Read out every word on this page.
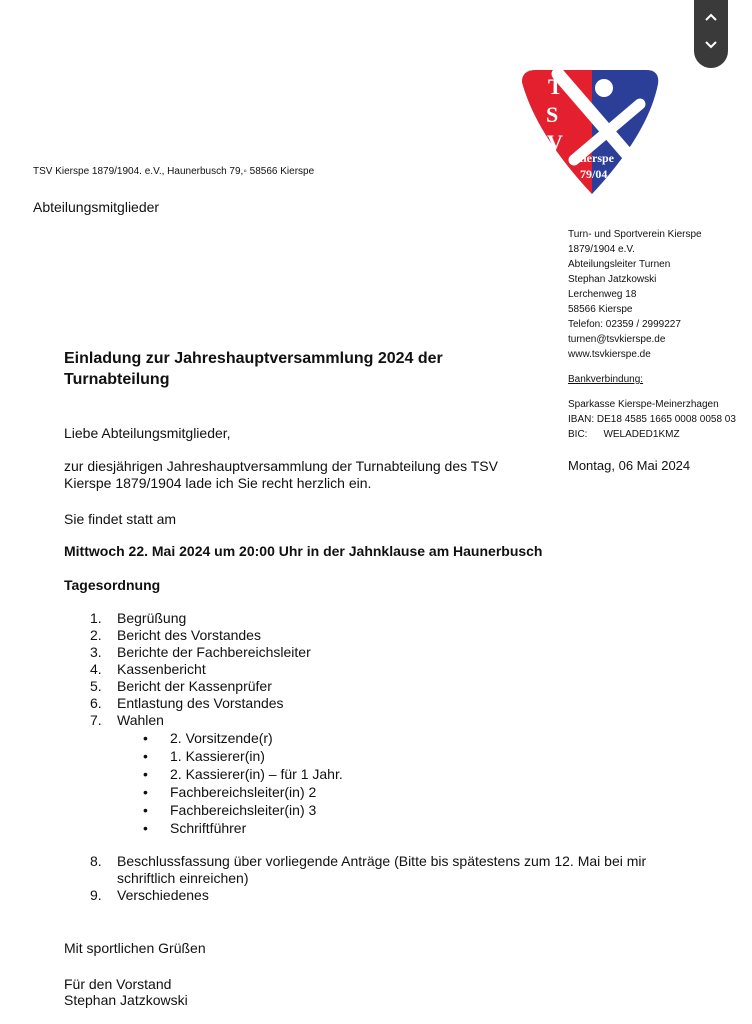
T
S
V
Kierspe
79/04
TSV Kierspe 1879/1904. e.V., Haunerbusch 79,◦ 58566 Kierspe
Abteilungsmitglieder
Turn- und Sportverein Kierspe
1879/1904 e.V.
Abteilungsleiter Turnen
Stephan Jatzkowski
Lerchenweg 18
58566 Kierspe
Telefon: 02359 / 2999227
turnen@tsvkierspe.de
www.tsvkierspe.de
Bankverbindung:
Sparkasse Kierspe-Meinerzhagen
IBAN: DE18 4585 1665 0008 0058 03
BIC: WELADED1KMZ
Montag, 06 Mai 2024
Einladung zur Jahreshauptversammlung 2024 der Turnabteilung
Liebe Abteilungsmitglieder,
zur diesjährigen Jahreshauptversammlung der Turnabteilung des TSV Kierspe 1879/1904 lade ich Sie recht herzlich ein.
Sie findet statt am
Mittwoch 22. Mai 2024 um 20:00 Uhr in der Jahnklause am Haunerbusch
Tagesordnung
1. Begrüßung
2. Bericht des Vorstandes
3. Berichte der Fachbereichsleiter
4. Kassenbericht
5. Bericht der Kassenprüfer
6. Entlastung des Vorstandes
7. Wahlen
• 2. Vorsitzende(r)
• 1. Kassierer(in)
• 2. Kassierer(in) – für 1 Jahr.
• Fachbereichsleiter(in) 2
• Fachbereichsleiter(in) 3
• Schriftführer
8. Beschlussfassung über vorliegende Anträge (Bitte bis spätestens zum 12. Mai bei mir schriftlich einreichen)
9. Verschiedenes
Mit sportlichen Grüßen
Für den Vorstand
Stephan Jatzkowski
